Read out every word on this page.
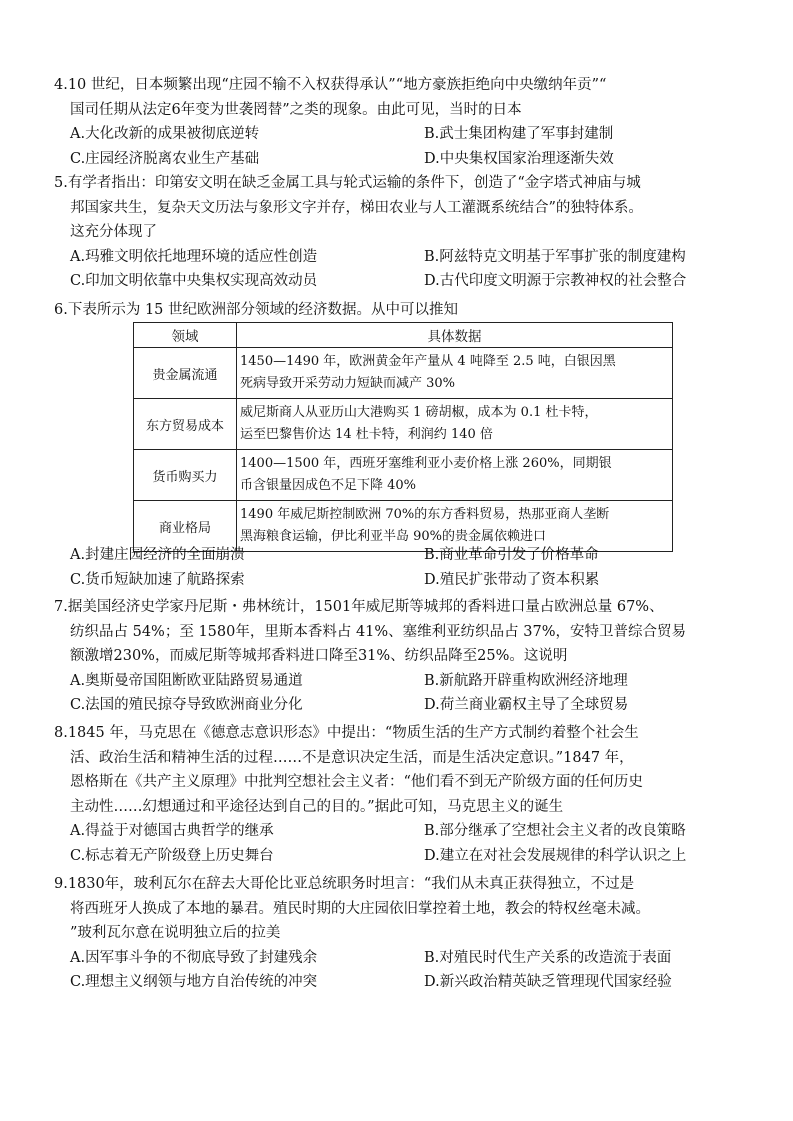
4.10 世纪，日本频繁出现“庄园不输不入权获得承认”“地方豪族拒绝向中央缴纳年贡”“
国司任期从法定6年变为世袭罔替”之类的现象。由此可见，当时的日本
A.大化改新的成果被彻底逆转	B.武士集团构建了军事封建制
C.庄园经济脱离农业生产基础	D.中央集权国家治理逐渐失效
5.有学者指出：印第安文明在缺乏金属工具与轮式运输的条件下，创造了“金字塔式神庙与城
邦国家共生，复杂天文历法与象形文字并存，梯田农业与人工灌溉系统结合”的独特体系。
这充分体现了
A.玛雅文明依托地理环境的适应性创造	B.阿兹特克文明基于军事扩张的制度建构
C.印加文明依靠中央集权实现高效动员	D.古代印度文明源于宗教神权的社会整合
6.下表所示为 15 世纪欧洲部分领域的经济数据。从中可以推知
领域	具体数据
贵金属流通	1450—1490 年，欧洲黄金年产量从 4 吨降至 2.5 吨，白银因黑
死病导致开采劳动力短缺而减产 30%

东方贸易成本	威尼斯商人从亚历山大港购买 1 磅胡椒，成本为 0.1 杜卡特，
运至巴黎售价达 14 杜卡特，利润约 140 倍

货币购买力	1400—1500 年，西班牙塞维利亚小麦价格上涨 260%，同期银
币含银量因成色不足下降 40%

商业格局	1490 年威尼斯控制欧洲 70%的东方香料贸易，热那亚商人垄断
黑海粮食运输，伊比利亚半岛 90%的贵金属依赖进口
A.封建庄园经济的全面崩溃	B.商业革命引发了价格革命
C.货币短缺加速了航路探索	D.殖民扩张带动了资本积累
7.据美国经济史学家丹尼斯・弗林统计，1501年威尼斯等城邦的香料进口量占欧洲总量 67%、
纺织品占 54%；至 1580年，里斯本香料占 41%、塞维利亚纺织品占 37%，安特卫普综合贸易
额激增230%，而威尼斯等城邦香料进口降至31%、纺织品降至25%。这说明
A.奥斯曼帝国阻断欧亚陆路贸易通道	B.新航路开辟重构欧洲经济地理
C.法国的殖民掠夺导致欧洲商业分化	D.荷兰商业霸权主导了全球贸易
8.1845 年，马克思在《德意志意识形态》中提出：“物质生活的生产方式制约着整个社会生
活、政治生活和精神生活的过程……不是意识决定生活，而是生活决定意识。”1847 年，
恩格斯在《共产主义原理》中批判空想社会主义者：“他们看不到无产阶级方面的任何历史
主动性……幻想通过和平途径达到自己的目的。”据此可知，马克思主义的诞生
A.得益于对德国古典哲学的继承	B.部分继承了空想社会主义者的改良策略
C.标志着无产阶级登上历史舞台	D.建立在对社会发展规律的科学认识之上
9.1830年，玻利瓦尔在辞去大哥伦比亚总统职务时坦言：“我们从未真正获得独立，不过是
将西班牙人换成了本地的暴君。殖民时期的大庄园依旧掌控着土地，教会的特权丝毫未减。
”玻利瓦尔意在说明独立后的拉美
A.因军事斗争的不彻底导致了封建残余	B.对殖民时代生产关系的改造流于表面
C.理想主义纲领与地方自治传统的冲突	D.新兴政治精英缺乏管理现代国家经验
